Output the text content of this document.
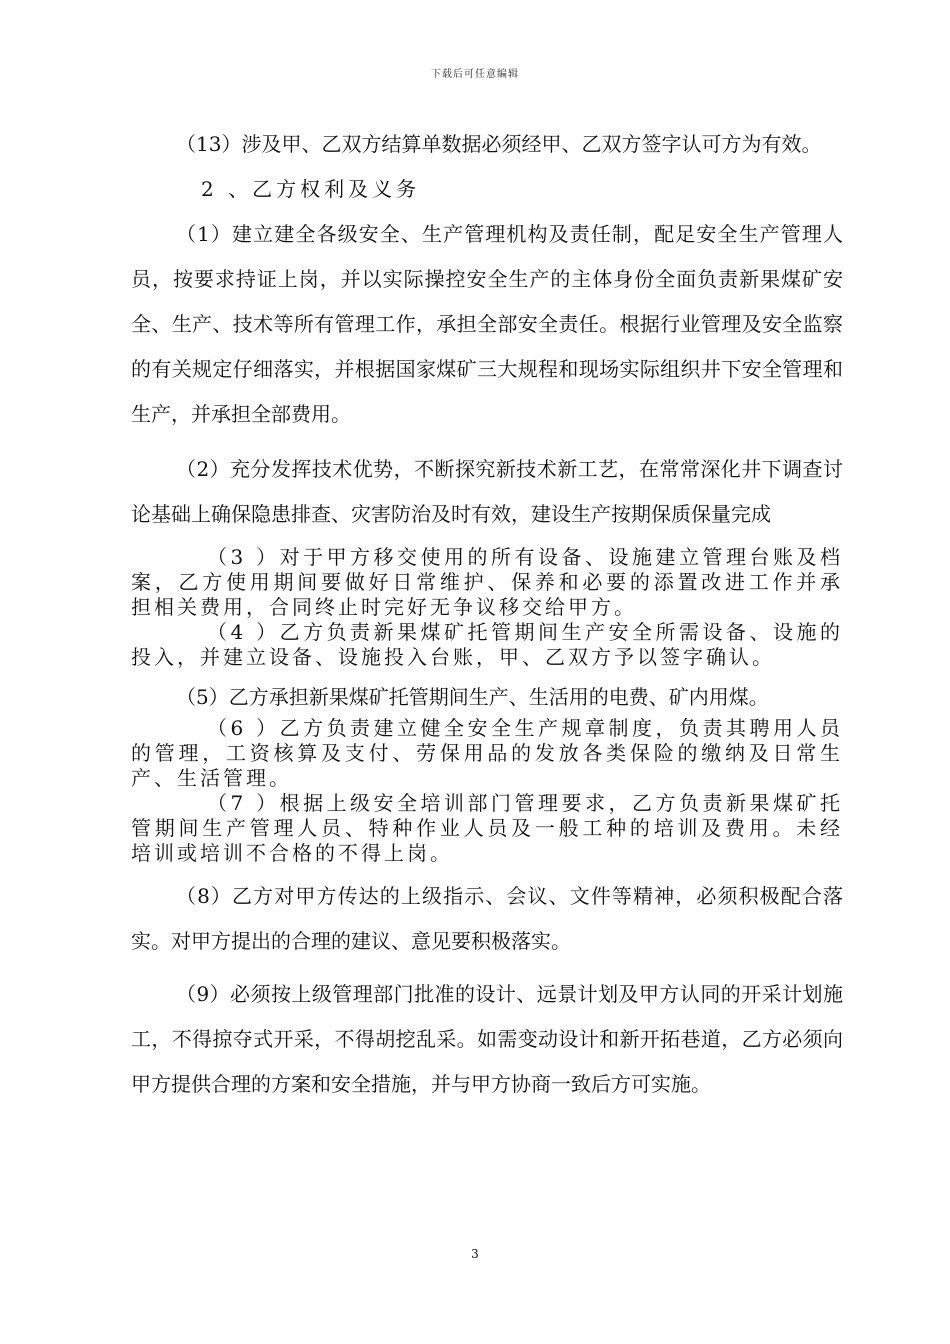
下载后可任意编辑

（13）涉及甲、乙双方结算单数据必须经甲、乙双方签字认可方为有效。

2 、乙方权利及义务

（1）建立建全各级安全、生产管理机构及责任制，配足安全生产管理人员，按要求持证上岗，并以实际操控安全生产的主体身份全面负责新果煤矿安全、生产、技术等所有管理工作，承担全部安全责任。根据行业管理及安全监察的有关规定仔细落实，并根据国家煤矿三大规程和现场实际组织井下安全管理和生产，并承担全部费用。

（2）充分发挥技术优势，不断探究新技术新工艺，在常常深化井下调查讨论基础上确保隐患排查、灾害防治及时有效，建设生产按期保质保量完成

（3 ）对于甲方移交使用的所有设备、设施建立管理台账及档案，乙方使用期间要做好日常维护、保养和必要的添置改进工作并承担相关费用，合同终止时完好无争议移交给甲方。

（4 ）乙方负责新果煤矿托管期间生产安全所需设备、设施的投入，并建立设备、设施投入台账，甲、乙双方予以签字确认。

（5）乙方承担新果煤矿托管期间生产、生活用的电费、矿内用煤。

（6 ）乙方负责建立健全安全生产规章制度，负责其聘用人员的管理，工资核算及支付、劳保用品的发放各类保险的缴纳及日常生产、生活管理。

（7 ）根据上级安全培训部门管理要求，乙方负责新果煤矿托管期间生产管理人员、特种作业人员及一般工种的培训及费用。未经培训或培训不合格的不得上岗。

（8）乙方对甲方传达的上级指示、会议、文件等精神，必须积极配合落实。对甲方提出的合理的建议、意见要积极落实。

（9）必须按上级管理部门批准的设计、远景计划及甲方认同的开采计划施工，不得掠夺式开采，不得胡挖乱采。如需变动设计和新开拓巷道，乙方必须向甲方提供合理的方案和安全措施，并与甲方协商一致后方可实施。

3
